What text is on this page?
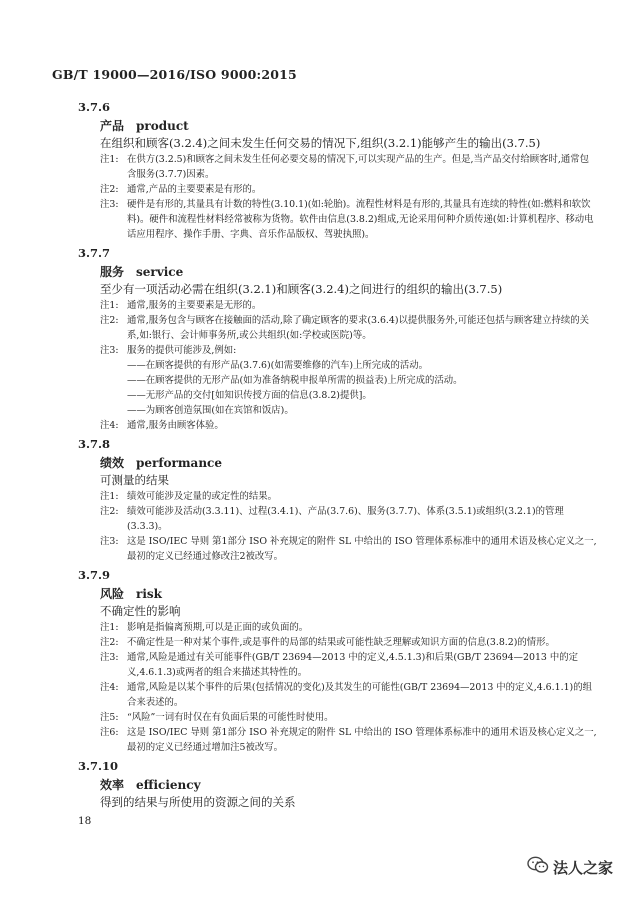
GB/T 19000—2016/ISO 9000:2015
3.7.6
产品 product
在组织和顾客(3.2.4)之间未发生任何交易的情况下,组织(3.2.1)能够产生的输出(3.7.5)
注1: 在供方(3.2.5)和顾客之间未发生任何必要交易的情况下,可以实现产品的生产。但是,当产品交付给顾客时,通常包含服务(3.7.7)因素。
注2: 通常,产品的主要要素是有形的。
注3: 硬件是有形的,其量具有计数的特性(3.10.1)(如:轮胎)。流程性材料是有形的,其量具有连续的特性(如:燃料和软饮料)。硬件和流程性材料经常被称为货物。软件由信息(3.8.2)组成,无论采用何种介质传递(如:计算机程序、移动电话应用程序、操作手册、字典、音乐作品版权、驾驶执照)。
3.7.7
服务 service
至少有一项活动必需在组织(3.2.1)和顾客(3.2.4)之间进行的组织的输出(3.7.5)
注1: 通常,服务的主要要素是无形的。
注2: 通常,服务包含与顾客在接触面的活动,除了确定顾客的要求(3.6.4)以提供服务外,可能还包括与顾客建立持续的关系,如:银行、会计师事务所,或公共组织(如:学校或医院)等。
注3: 服务的提供可能涉及,例如:
——在顾客提供的有形产品(3.7.6)(如需要维修的汽车)上所完成的活动。
——在顾客提供的无形产品(如为准备纳税申报单所需的损益表)上所完成的活动。
——无形产品的交付[如知识传授方面的信息(3.8.2)提供]。
——为顾客创造氛围(如在宾馆和饭店)。
注4: 通常,服务由顾客体验。
3.7.8
绩效 performance
可测量的结果
注1: 绩效可能涉及定量的或定性的结果。
注2: 绩效可能涉及活动(3.3.11)、过程(3.4.1)、产品(3.7.6)、服务(3.7.7)、体系(3.5.1)或组织(3.2.1)的管理(3.3.3)。
注3: 这是 ISO/IEC 导则 第1部分 ISO 补充规定的附件 SL 中给出的 ISO 管理体系标准中的通用术语及核心定义之一,最初的定义已经通过修改注2被改写。
3.7.9
风险 risk
不确定性的影响
注1: 影响是指偏离预期,可以是正面的或负面的。
注2: 不确定性是一种对某个事件,或是事件的局部的结果或可能性缺乏理解或知识方面的信息(3.8.2)的情形。
注3: 通常,风险是通过有关可能事件(GB/T 23694—2013 中的定义,4.5.1.3)和后果(GB/T 23694—2013 中的定义,4.6.1.3)或两者的组合来描述其特性的。
注4: 通常,风险是以某个事件的后果(包括情况的变化)及其发生的可能性(GB/T 23694—2013 中的定义,4.6.1.1)的组合来表述的。
注5: “风险”一词有时仅在有负面后果的可能性时使用。
注6: 这是 ISO/IEC 导则 第1部分 ISO 补充规定的附件 SL 中给出的 ISO 管理体系标准中的通用术语及核心定义之一,最初的定义已经通过增加注5被改写。
3.7.10
效率 efficiency
得到的结果与所使用的资源之间的关系
18
法人之家
